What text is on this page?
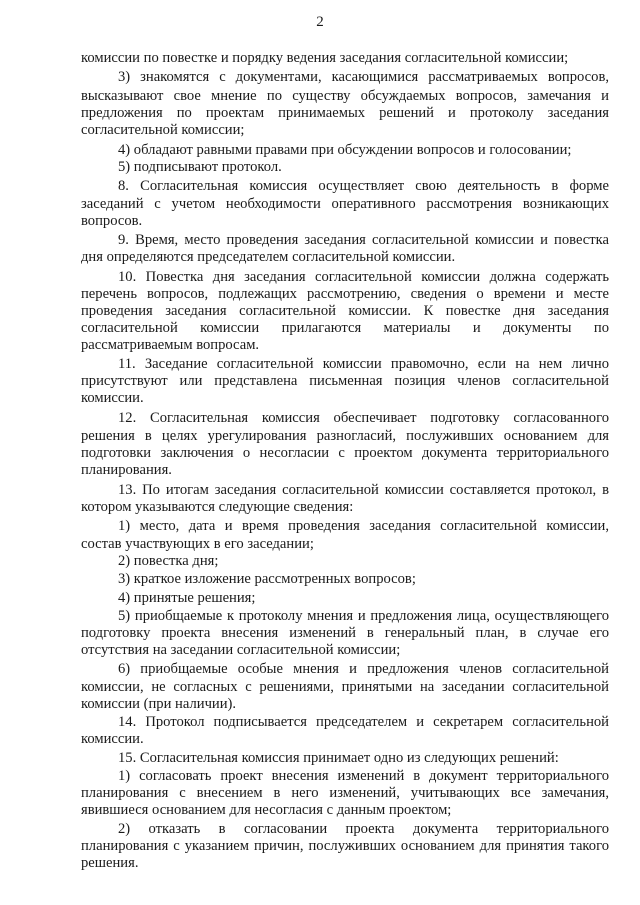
2
комиссии по повестке и порядку ведения заседания согласительной комиссии;
3) знакомятся с документами, касающимися рассматриваемых вопросов,
высказывают свое мнение по существу обсуждаемых вопросов, замечания и
предложения по проектам принимаемых решений и протоколу заседания
согласительной комиссии;
4) обладают равными правами при обсуждении вопросов и голосовании;
5) подписывают протокол.
8. Согласительная комиссия осуществляет свою деятельность в форме
заседаний с учетом необходимости оперативного рассмотрения возникающих
вопросов.
9. Время, место проведения заседания согласительной комиссии и повестка
дня определяются председателем согласительной комиссии.
10. Повестка дня заседания согласительной комиссии должна содержать
перечень вопросов, подлежащих рассмотрению, сведения о времени и месте
проведения заседания согласительной комиссии. К повестке дня заседания
согласительной комиссии прилагаются материалы и документы по
рассматриваемым вопросам.
11. Заседание согласительной комиссии правомочно, если на нем лично
присутствуют или представлена письменная позиция членов согласительной
комиссии.
12. Согласительная комиссия обеспечивает подготовку согласованного
решения в целях урегулирования разногласий, послуживших основанием для
подготовки заключения о несогласии с проектом документа территориального
планирования.
13. По итогам заседания согласительной комиссии составляется протокол, в
котором указываются следующие сведения:
1) место, дата и время проведения заседания согласительной комиссии,
состав участвующих в его заседании;
2) повестка дня;
3) краткое изложение рассмотренных вопросов;
4) принятые решения;
5) приобщаемые к протоколу мнения и предложения лица, осуществляющего
подготовку проекта внесения изменений в генеральный план, в случае его
отсутствия на заседании согласительной комиссии;
6) приобщаемые особые мнения и предложения членов согласительной
комиссии, не согласных с решениями, принятыми на заседании согласительной
комиссии (при наличии).
14. Протокол подписывается председателем и секретарем согласительной
комиссии.
15. Согласительная комиссия принимает одно из следующих решений:
1) согласовать проект внесения изменений в документ территориального
планирования с внесением в него изменений, учитывающих все замечания,
явившиеся основанием для несогласия с данным проектом;
2) отказать в согласовании проекта документа территориального
планирования с указанием причин, послуживших основанием для принятия такого
решения.
